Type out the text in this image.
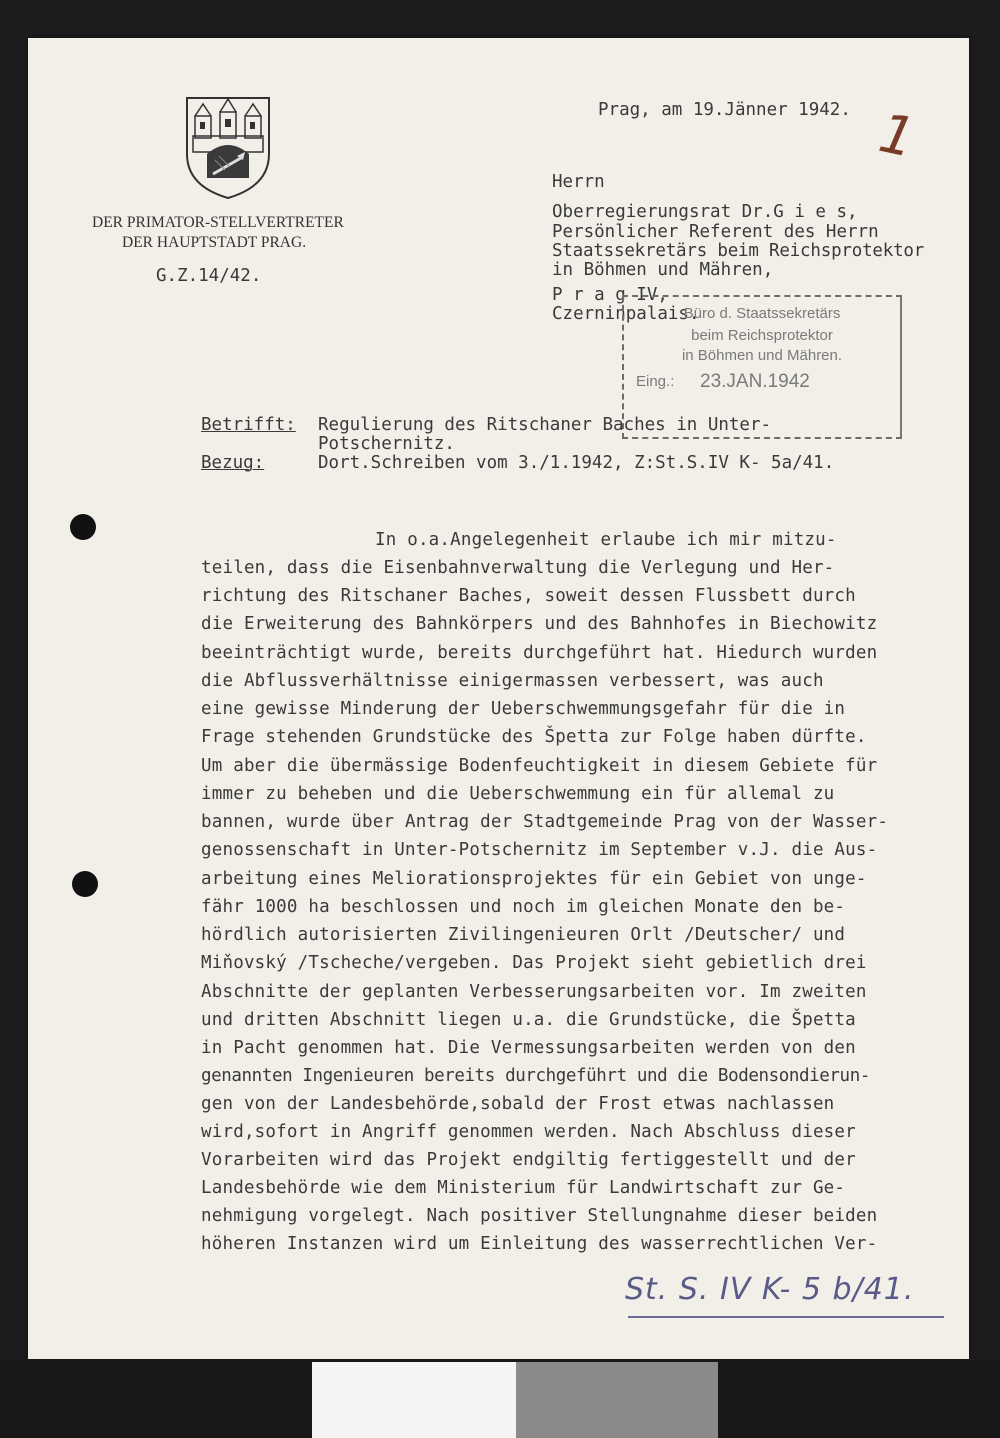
DER PRIMATOR-STELLVERTRETER
DER HAUPTSTADT PRAG.
G.Z.14/42.
Prag, am 19.Jänner 1942. 1
Herrn
Oberregierungsrat Dr.G i e s,
Persönlicher Referent des Herrn
Staatssekretärs beim Reichsprotektor
in Böhmen und Mähren,
P r a g IV,
Czerninpalais.
Büro d. Staatssekretärs
beim Reichsprotektor
in Böhmen und Mähren.
Eing.: 23.JAN.1942
Betrifft: Regulierung des Ritschaner Baches in Unter-
Potschernitz.
Bezug:	Dort.Schreiben vom 3./1.1942, Z:St.S.IV K- 5a/41.
In o.a.Angelegenheit erlaube ich mir mitzu-
teilen, dass die Eisenbahnverwaltung die Verlegung und Her-
richtung des Ritschaner Baches, soweit dessen Flussbett durch
die Erweiterung des Bahnkörpers und des Bahnhofes in Biechowitz
beeinträchtigt wurde, bereits durchgeführt hat. Hiedurch wurden
die Abflussverhältnisse einigermassen verbessert, was auch
eine gewisse Minderung der Ueberschwemmungsgefahr für die in
Frage stehenden Grundstücke des Špetta zur Folge haben dürfte.
Um aber die übermässige Bodenfeuchtigkeit in diesem Gebiete für
immer zu beheben und die Ueberschwemmung ein für allemal zu
bannen, wurde über Antrag der Stadtgemeinde Prag von der Wasser-
genossenschaft in Unter-Potschernitz im September v.J. die Aus-
arbeitung eines Meliorationsprojektes für ein Gebiet von unge-
fähr 1000 ha beschlossen und noch im gleichen Monate den be-
hördlich autorisierten Zivilingenieuren Orlt /Deutscher/ und
Miňovský /Tscheche/vergeben. Das Projekt sieht gebietlich drei
Abschnitte der geplanten Verbesserungsarbeiten vor. Im zweiten
und dritten Abschnitt liegen u.a. die Grundstücke, die Špetta
in Pacht genommen hat. Die Vermessungsarbeiten werden von den
genannten Ingenieuren bereits durchgeführt und die Bodensondierun-
gen von der Landesbehörde,sobald der Frost etwas nachlassen
wird,sofort in Angriff genommen werden. Nach Abschluss dieser
Vorarbeiten wird das Projekt endgiltig fertiggestellt und der
Landesbehörde wie dem Ministerium für Landwirtschaft zur Ge-
nehmigung vorgelegt. Nach positiver Stellungnahme dieser beiden
höheren Instanzen wird um Einleitung des wasserrechtlichen Ver-
St. S. IV K- 5 b/41.
